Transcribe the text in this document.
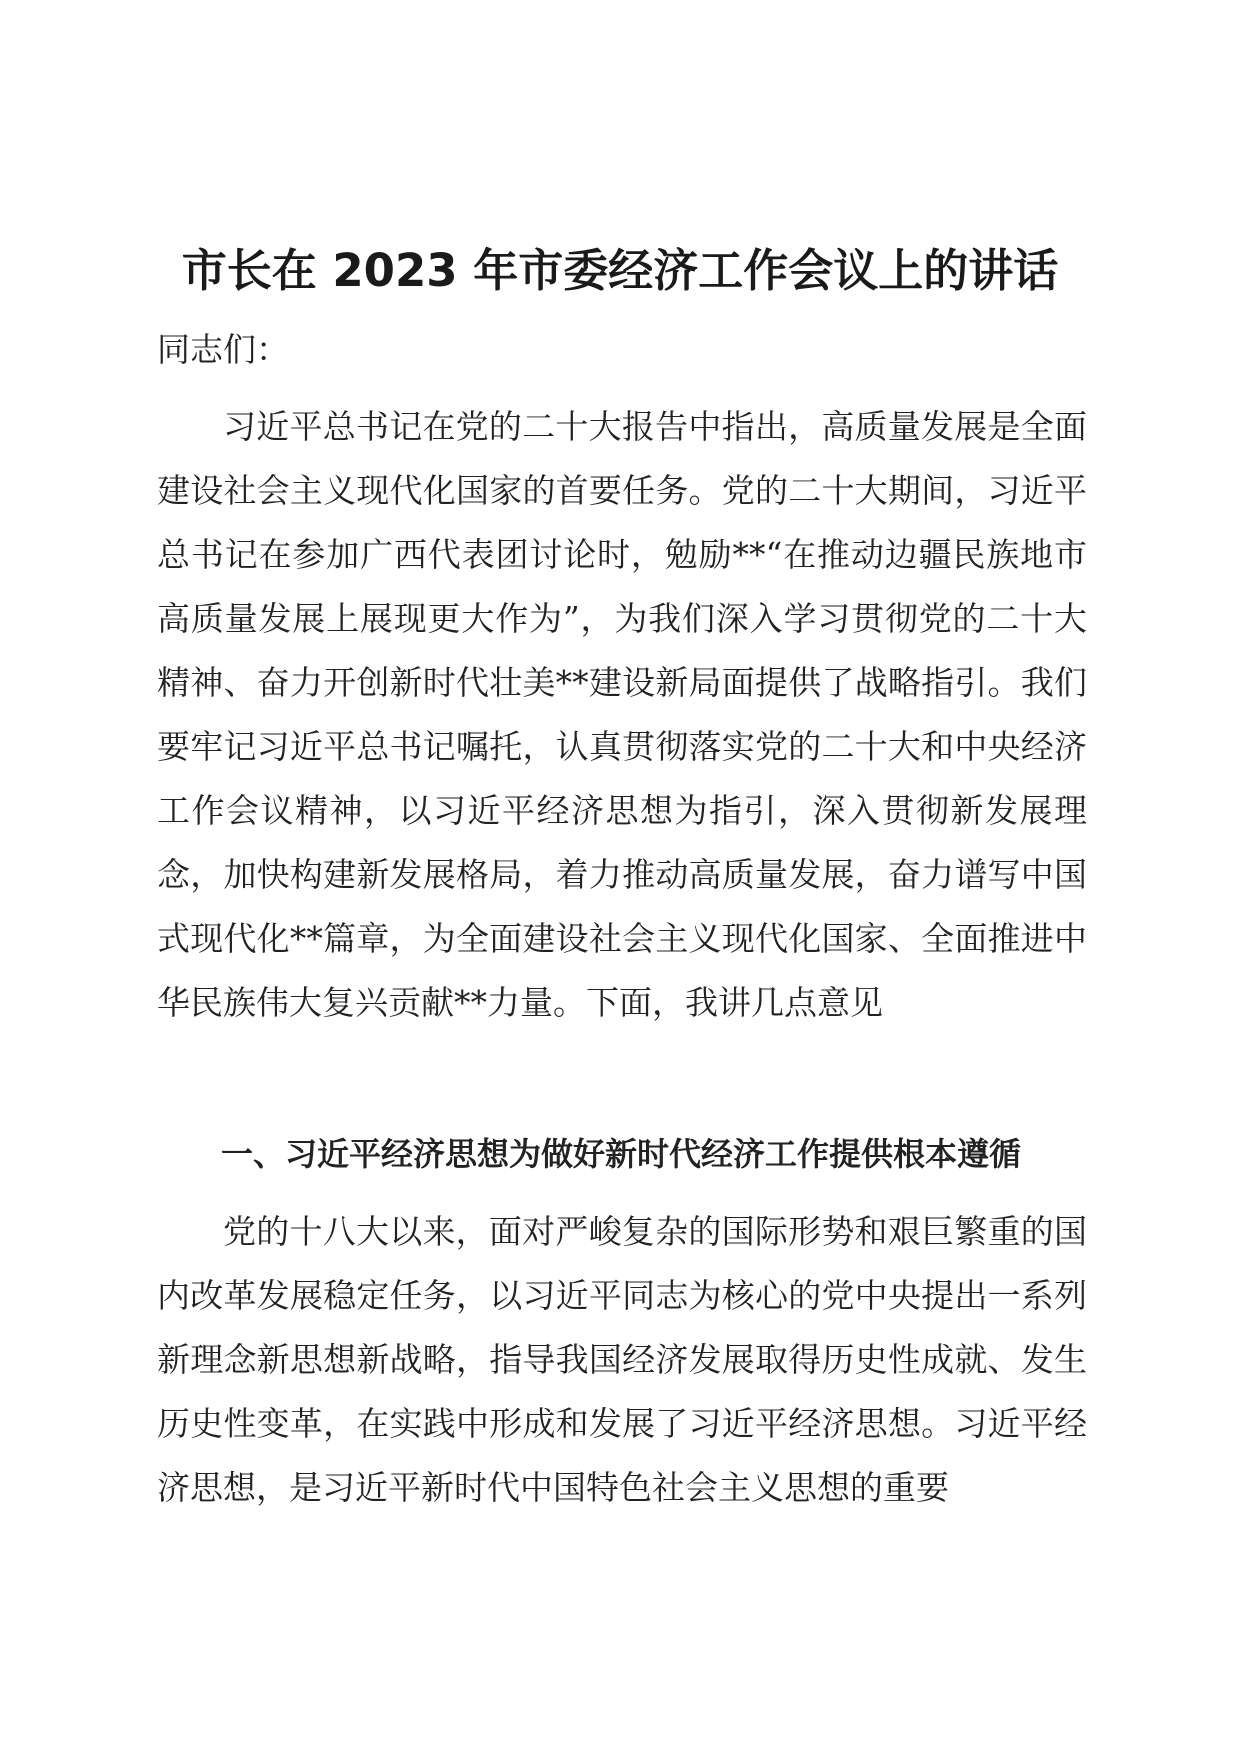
市长在 2023 年市委经济工作会议上的讲话

同志们：

习近平总书记在党的二十大报告中指出，高质量发展是全面建设社会主义现代化国家的首要任务。党的二十大期间，习近平总书记在参加广西代表团讨论时，勉励**“在推动边疆民族地市高质量发展上展现更大作为”，为我们深入学习贯彻党的二十大精神、奋力开创新时代壮美**建设新局面提供了战略指引。我们要牢记习近平总书记嘱托，认真贯彻落实党的二十大和中央经济工作会议精神，以习近平经济思想为指引，深入贯彻新发展理念，加快构建新发展格局，着力推动高质量发展，奋力谱写中国式现代化**篇章，为全面建设社会主义现代化国家、全面推进中华民族伟大复兴贡献**力量。下面，我讲几点意见

一、习近平经济思想为做好新时代经济工作提供根本遵循

党的十八大以来，面对严峻复杂的国际形势和艰巨繁重的国内改革发展稳定任务，以习近平同志为核心的党中央提出一系列新理念新思想新战略，指导我国经济发展取得历史性成就、发生历史性变革，在实践中形成和发展了习近平经济思想。习近平经济思想，是习近平新时代中国特色社会主义思想的重要
